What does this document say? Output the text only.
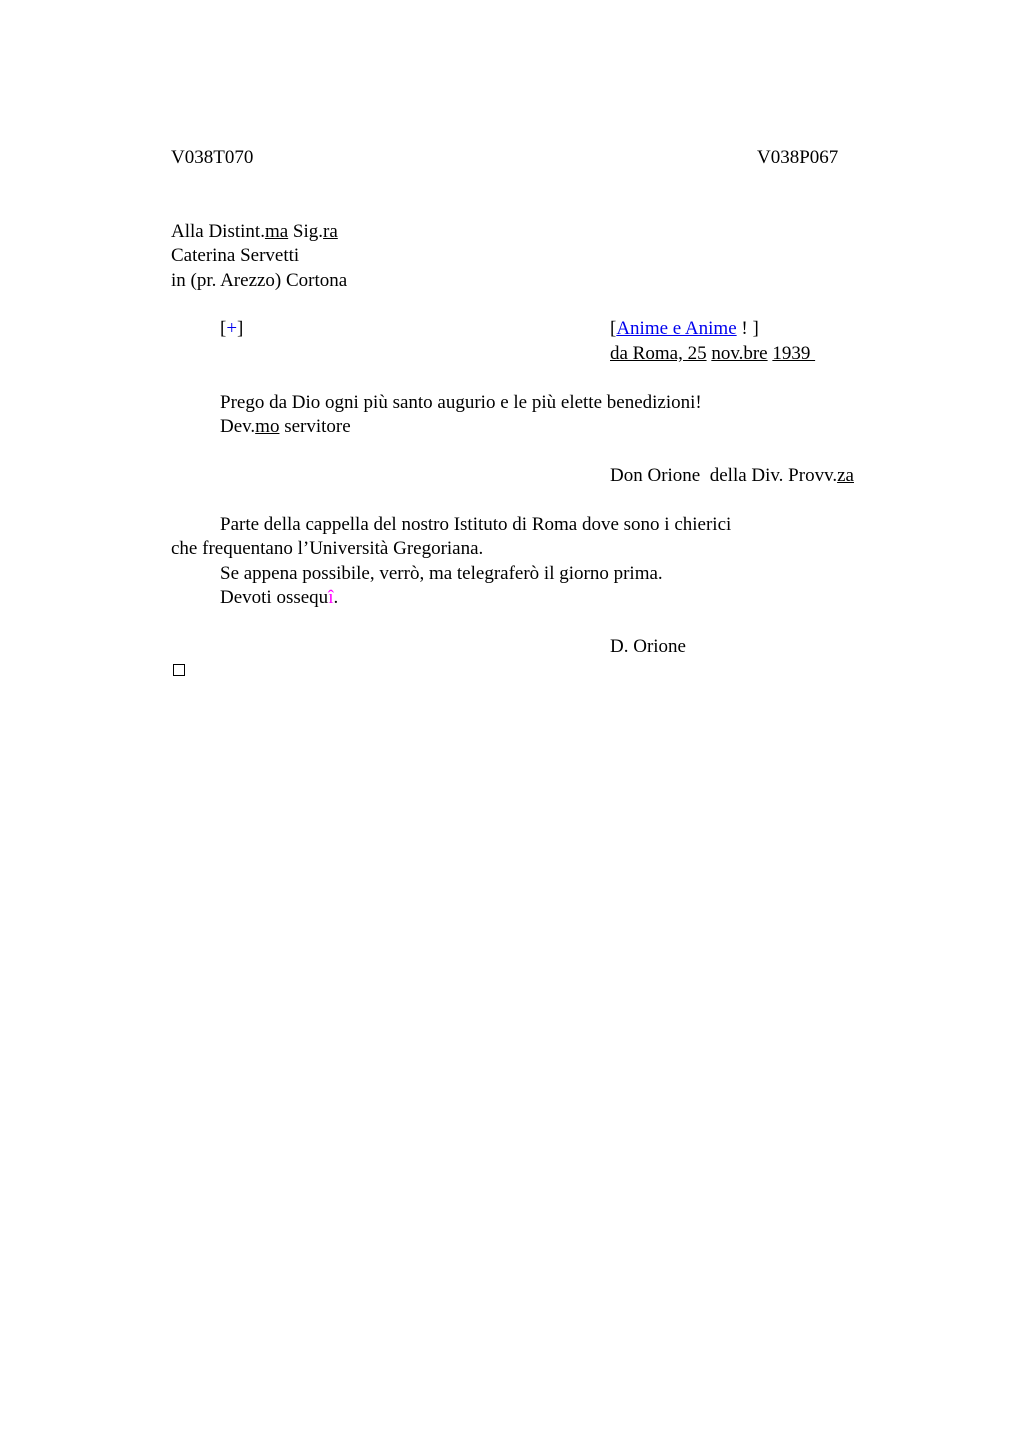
V038T070	V038P067
Alla Distint.ma Sig.ra
Caterina Servetti
in (pr. Arezzo) Cortona
[+]	[Anime e Anime ! ]
da Roma, 25 nov.bre 1939
Prego da Dio ogni più santo augurio e le più elette benedizioni!
Dev.mo servitore
Don Orione  della Div. Provv.za
Parte della cappella del nostro Istituto di Roma dove sono i chierici
che frequentano l’Università Gregoriana.
Se appena possibile, verrò, ma telegraferò il giorno prima.
Devoti ossequî.
D. Orione
